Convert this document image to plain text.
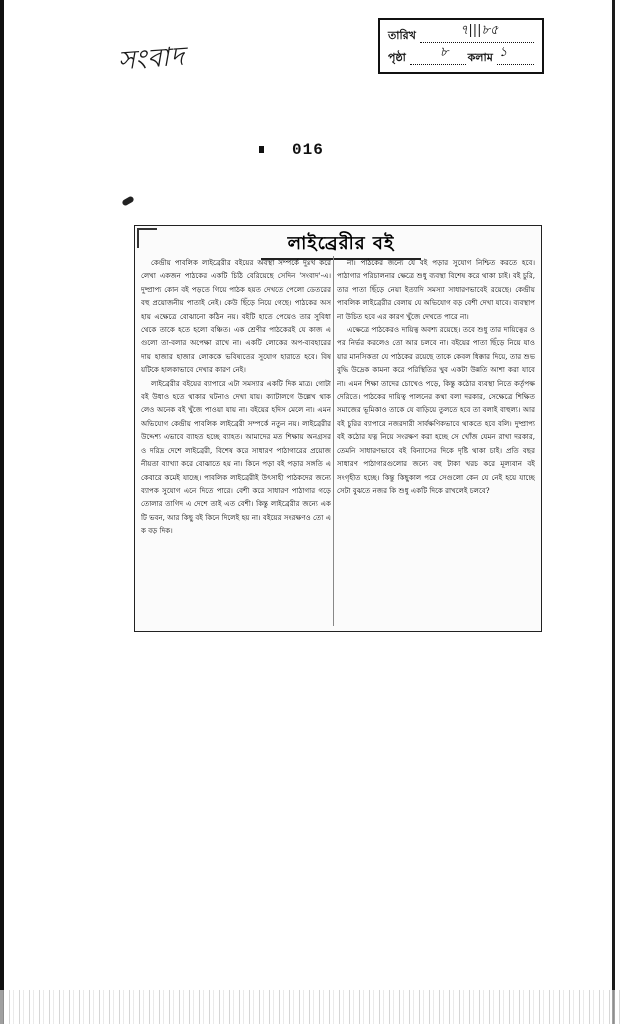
সংবাদ
তারিখ	৭|||৮৫
পৃষ্ঠা	৮ কলাম ১
016
লাইব্রেরীর বই

কেন্দ্রীয় পাবলিক লাইব্রেরীর বইয়ের অবস্থা সম্পর্কে দুঃখ করে লেখা একজন পাঠকের একটি চিঠি বেরিয়েছে সেদিন 'সংবাদ'-এ। দুষ্প্রাপ্য কোন বই পড়তে গিয়ে পাঠক হয়ত দেখতে পেলো ডেতরের বহু প্রয়োজনীয় পাতাই নেই। কেউ ছিঁড়ে নিয়ে গেছে। পাঠকের অসহায় এক্ষেত্রে বোঝানো কঠিন নয়। বইটি হাতে পেয়েও তার সুবিধা থেকে তাকে হতে হলো বঞ্চিত। এক শ্রেণীর পাঠকেরই যে কাজ এগুলো তা-বলার অপেক্ষা রাখে না। একটি লোকের অপ-ব্যবহারের দায় হাজার হাজার লোককে ভবিষ্যতের সুযোগ হারাতে হবে। বিষয়টিকে হালকাভাবে দেখার কারণ নেই।

লাইব্রেরীর বইয়ের ব্যাপারে এটা সমস্যার একটি দিক মাত্র। গোটা বই উধাও হতে থাকার ঘটনাও দেখা যায়। ক্যাটালগে উল্লেখ থাকলেও অনেক বই খুঁজে পাওয়া যায় না। বইয়ের হদিস মেলে না। এমন অভিযোগ কেন্দ্রীয় পাবলিক লাইব্রেরী সম্পর্কে নতুন নয়। লাইব্রেরীর উদ্দেশ্য এভাবে ব্যাহত হচ্ছে ব্যাহত। আমাদের মত শিক্ষায় অনগ্রসর ও দরিদ্র দেশে লাইব্রেরী, বিশেষ করে সাধারণ পাঠাগারের প্রয়োজনীয়তা ব্যাখ্যা করে বোঝাতে হয় না। কিনে পড়া বই পড়ার সঙ্গতি একেবারে কমেই যাচ্ছে। পাবলিক লাইব্রেরীই উৎসাহী পাঠকদের জন্যে ব্যাপক সুযোগ এনে দিতে পারে। বেশী করে সাধারণ পাঠাগার গড়ে তোলার তাগিদ এ দেশে তাই এত বেশী। কিন্তু লাইব্রেরীর জন্যে একটি ভবন, আর কিছু বই কিনে দিলেই হয় না। বইয়ের সংরক্ষণও তো এক বড় দিক।

না। পাঠকের জন্যে যে বই পড়ার সুযোগ নিশ্চিত করতে হবে। পাঠাগার পরিচালনার ক্ষেত্রে শুধু ব্যবস্থা বিশেষ করে থাকা চাই। বই চুরি, তার পাতা ছিঁড়ে নেয়া ইত্যাদি সমস্যা সাধারণভাবেই রয়েছে। কেন্দ্রীয় পাবলিক লাইব্রেরীর বেলায় যে অভিযোগ বড় বেশী দেখা যাবে। ব্যবস্থাপনা উচিত হবে এর কারণ খুঁজে দেখতে পারে না।

এক্ষেত্রে পাঠকেরও দায়িত্ব অবশ্য রয়েছে। তবে শুধু তার দায়িত্বের ওপর নির্ভর করলেও তো আর চলবে না। বইয়ের পাতা ছিঁড়ে নিয়ে যাওয়ার মানসিকতা যে পাঠকের রয়েছে তাকে কেবল ধিক্কার দিয়ে, তার শুভবুদ্ধি উদ্রেক কামনা করে পরিস্থিতির খুব একটা উন্নতি আশা করা যাবে না। এমন শিক্ষা তাদের চোখেও পড়ে, কিন্তু কঠোর ব্যবস্থা নিতে কর্তৃপক্ষ দেরিতে। পাঠকের দায়িত্ব পালনের কথা বলা দরকার, সেক্ষেত্রে শিক্ষিত সমাজের ভূমিকাও তাকে যে বাড়িয়ে তুলতে হবে তা বলাই বাহুল্য। আর বই চুরির ব্যাপারে নজরদারী সার্বক্ষণিকভাবে থাকতে হবে বলি। দুষ্প্রাপ্য বই কঠোর যত্ন নিয়ে সংরক্ষণ করা হচ্ছে সে খোঁজ যেমন রাখা দরকার, তেমনি সাধারণভাবে বই বিন্যাসের দিকে দৃষ্টি থাকা চাই। প্রতি বছর সাধারণ পাঠাগারগুলোর জন্যে বহু টাকা খরচ করে মূল্যবান বই সংগৃহীত হচ্ছে। কিন্তু কিছুকাল পরে সেগুলো কেন যে নেই হয়ে যাচ্ছে সেটা বুঝতে নজর কি শুধু একটি দিকে রাখলেই চলবে?
